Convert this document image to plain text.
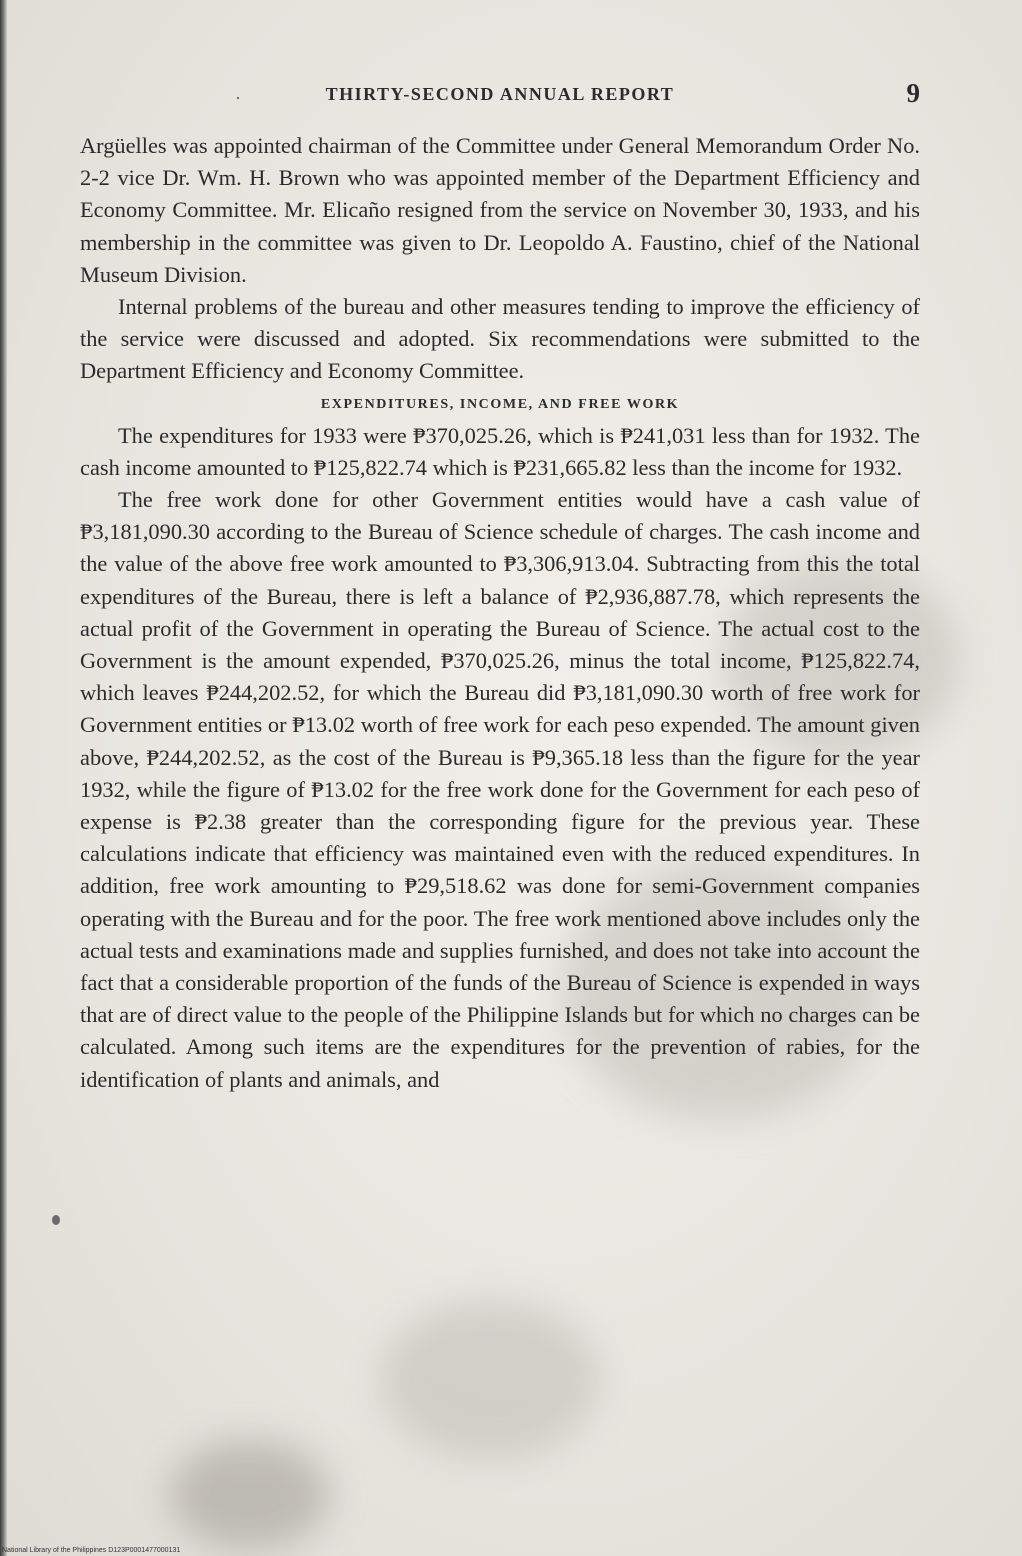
·	THIRTY-SECOND ANNUAL REPORT	9

Argüelles was appointed chairman of the Committee under General Memorandum Order No. 2-2 vice Dr. Wm. H. Brown who was appointed member of the Department Efficiency and Economy Committee. Mr. Elicaño resigned from the service on November 30, 1933, and his membership in the committee was given to Dr. Leopoldo A. Faustino, chief of the National Museum Division.

Internal problems of the bureau and other measures tending to improve the efficiency of the service were discussed and adopted. Six recommendations were submitted to the Department Efficiency and Economy Committee.

EXPENDITURES, INCOME, AND FREE WORK

The expenditures for 1933 were ₱370,025.26, which is ₱241,031 less than for 1932. The cash income amounted to ₱125,822.74 which is ₱231,665.82 less than the income for 1932.

The free work done for other Government entities would have a cash value of ₱3,181,090.30 according to the Bureau of Science schedule of charges. The cash income and the value of the above free work amounted to ₱3,306,913.04. Subtracting from this the total expenditures of the Bureau, there is left a balance of ₱2,936,887.78, which represents the actual profit of the Government in operating the Bureau of Science. The actual cost to the Government is the amount expended, ₱370,025.26, minus the total income, ₱125,822.74, which leaves ₱244,202.52, for which the Bureau did ₱3,181,090.30 worth of free work for Government entities or ₱13.02 worth of free work for each peso expended. The amount given above, ₱244,202.52, as the cost of the Bureau is ₱9,365.18 less than the figure for the year 1932, while the figure of ₱13.02 for the free work done for the Government for each peso of expense is ₱2.38 greater than the corresponding figure for the previous year. These calculations indicate that efficiency was maintained even with the reduced expenditures. In addition, free work amounting to ₱29,518.62 was done for semi-Government companies operating with the Bureau and for the poor. The free work mentioned above includes only the actual tests and examinations made and supplies furnished, and does not take into account the fact that a considerable proportion of the funds of the Bureau of Science is expended in ways that are of direct value to the people of the Philippine Islands but for which no charges can be calculated. Among such items are the expenditures for the prevention of rabies, for the identification of plants and animals, and

National Library of the Philippines D123P0001477000131
